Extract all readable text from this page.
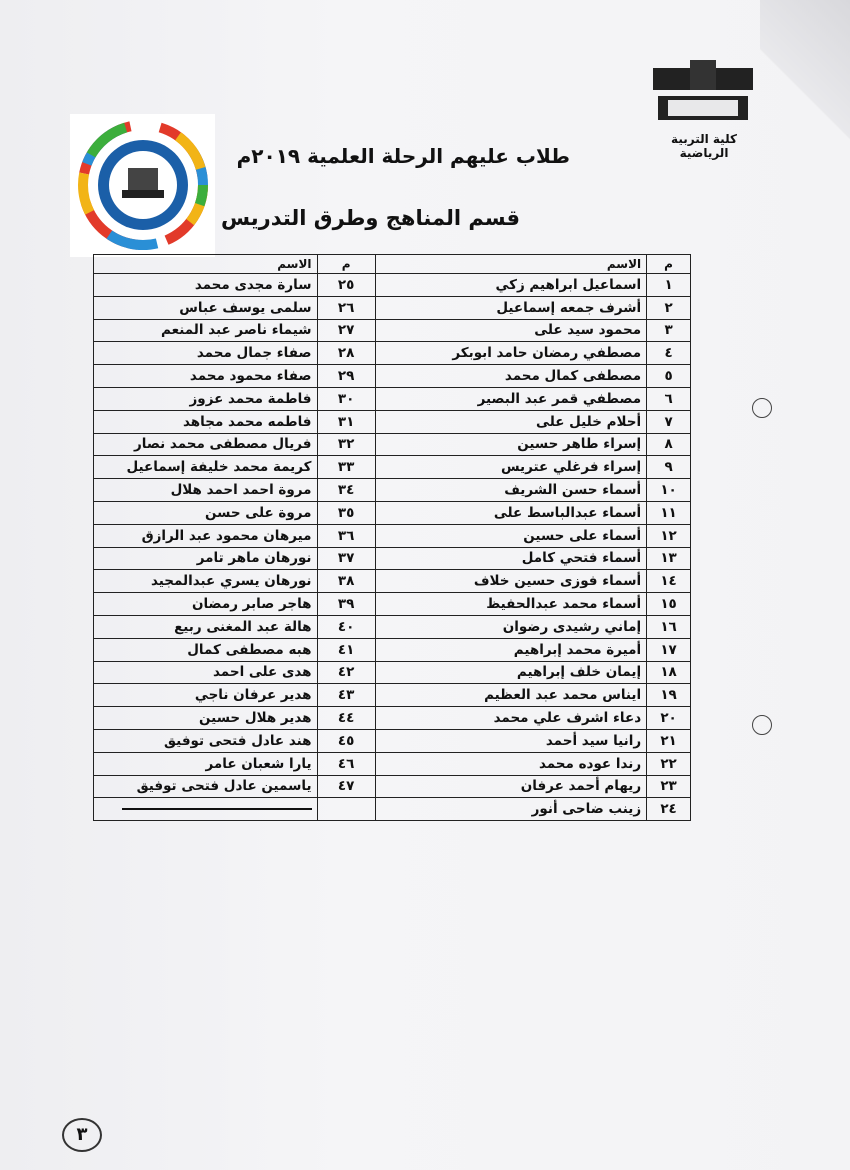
كلية التربية الرياضية
طلاب عليهم الرحلة العلمية ٢٠١٩م
قسم المناهج وطرق التدريس
م	الاسم	م	الاسم
١	اسماعيل ابراهيم زكي	٢٥	سارة مجدى محمد
٢	أشرف جمعه إسماعيل	٢٦	سلمى يوسف عباس
٣	محمود سيد على	٢٧	شيماء ناصر عبد المنعم
٤	مصطفي رمضان حامد ابوبكر	٢٨	صفاء جمال محمد
٥	مصطفى كمال محمد	٢٩	صفاء محمود محمد
٦	مصطفي قمر عبد البصير	٣٠	فاطمة محمد عزوز
٧	أحلام خليل على	٣١	فاطمه محمد مجاهد
٨	إسراء طاهر حسين	٣٢	فريال مصطفى محمد نصار
٩	إسراء فرغلي عتريس	٣٣	كريمة محمد خليفة إسماعيل
١٠	أسماء حسن الشريف	٣٤	مروة احمد احمد هلال
١١	أسماء عبدالباسط على	٣٥	مروة على حسن
١٢	أسماء على حسين	٣٦	ميرهان محمود عبد الرازق
١٣	أسماء فتحي كامل	٣٧	نورهان ماهر تامر
١٤	أسماء فوزى حسين خلاف	٣٨	نورهان يسري عبدالمجيد
١٥	أسماء محمد عبدالحفيظ	٣٩	هاجر صابر رمضان
١٦	إماني رشيدى رضوان	٤٠	هالة عبد المغنى ربيع
١٧	أميرة محمد إبراهيم	٤١	هبه مصطفى كمال
١٨	إيمان خلف إبراهيم	٤٢	هدى على احمد
١٩	ايناس محمد عبد العظيم	٤٣	هدير عرفان ناجي
٢٠	دعاء اشرف علي محمد	٤٤	هدير هلال حسين
٢١	رانيا سيد أحمد	٤٥	هند عادل فتحى توفيق
٢٢	رندا عوده محمد	٤٦	يارا شعبان عامر
٢٣	ريهام أحمد عرفان	٤٧	ياسمين عادل فتحى توفيق
٢٤	زينب ضاحى أنور		
٣
